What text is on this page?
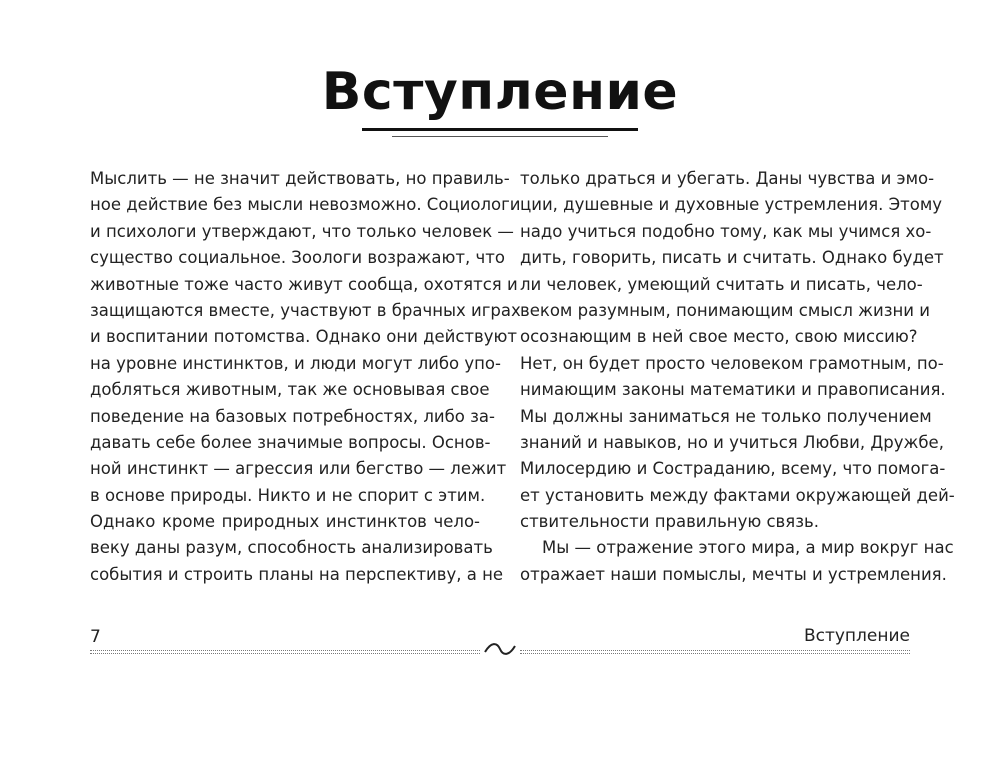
Вступление
Мыслить — не значит действовать, но правиль-
ное действие без мысли невозможно. Социологи
и психологи утверждают, что только человек —
существо социальное. Зоологи возражают, что
животные тоже часто живут сообща, охотятся и
защищаются вместе, участвуют в брачных играх
и воспитании потомства. Однако они действуют
на уровне инстинктов, и люди могут либо упо-
добляться животным, так же основывая свое
поведение на базовых потребностях, либо за-
давать себе более значимые вопросы. Основ-
ной инстинкт — агрессия или бегство — лежит
в основе природы. Никто и не спорит с этим.
Однако кроме природных инстинктов чело-
веку даны разум, способность анализировать
события и строить планы на перспективу, а не
только драться и убегать. Даны чувства и эмо-
ции, душевные и духовные устремления. Этому
надо учиться подобно тому, как мы учимся хо-
дить, говорить, писать и считать. Однако будет
ли человек, умеющий считать и писать, чело-
веком разумным, понимающим смысл жизни и
осознающим в ней свое место, свою миссию?
Нет, он будет просто человеком грамотным, по-
нимающим законы математики и правописания.
Мы должны заниматься не только получением
знаний и навыков, но и учиться Любви, Дружбе,
Милосердию и Состраданию, всему, что помога-
ет установить между фактами окружающей дей-
ствительности правильную связь.
Мы — отражение этого мира, а мир вокруг нас
отражает наши помыслы, мечты и устремления.
7	Вступление
